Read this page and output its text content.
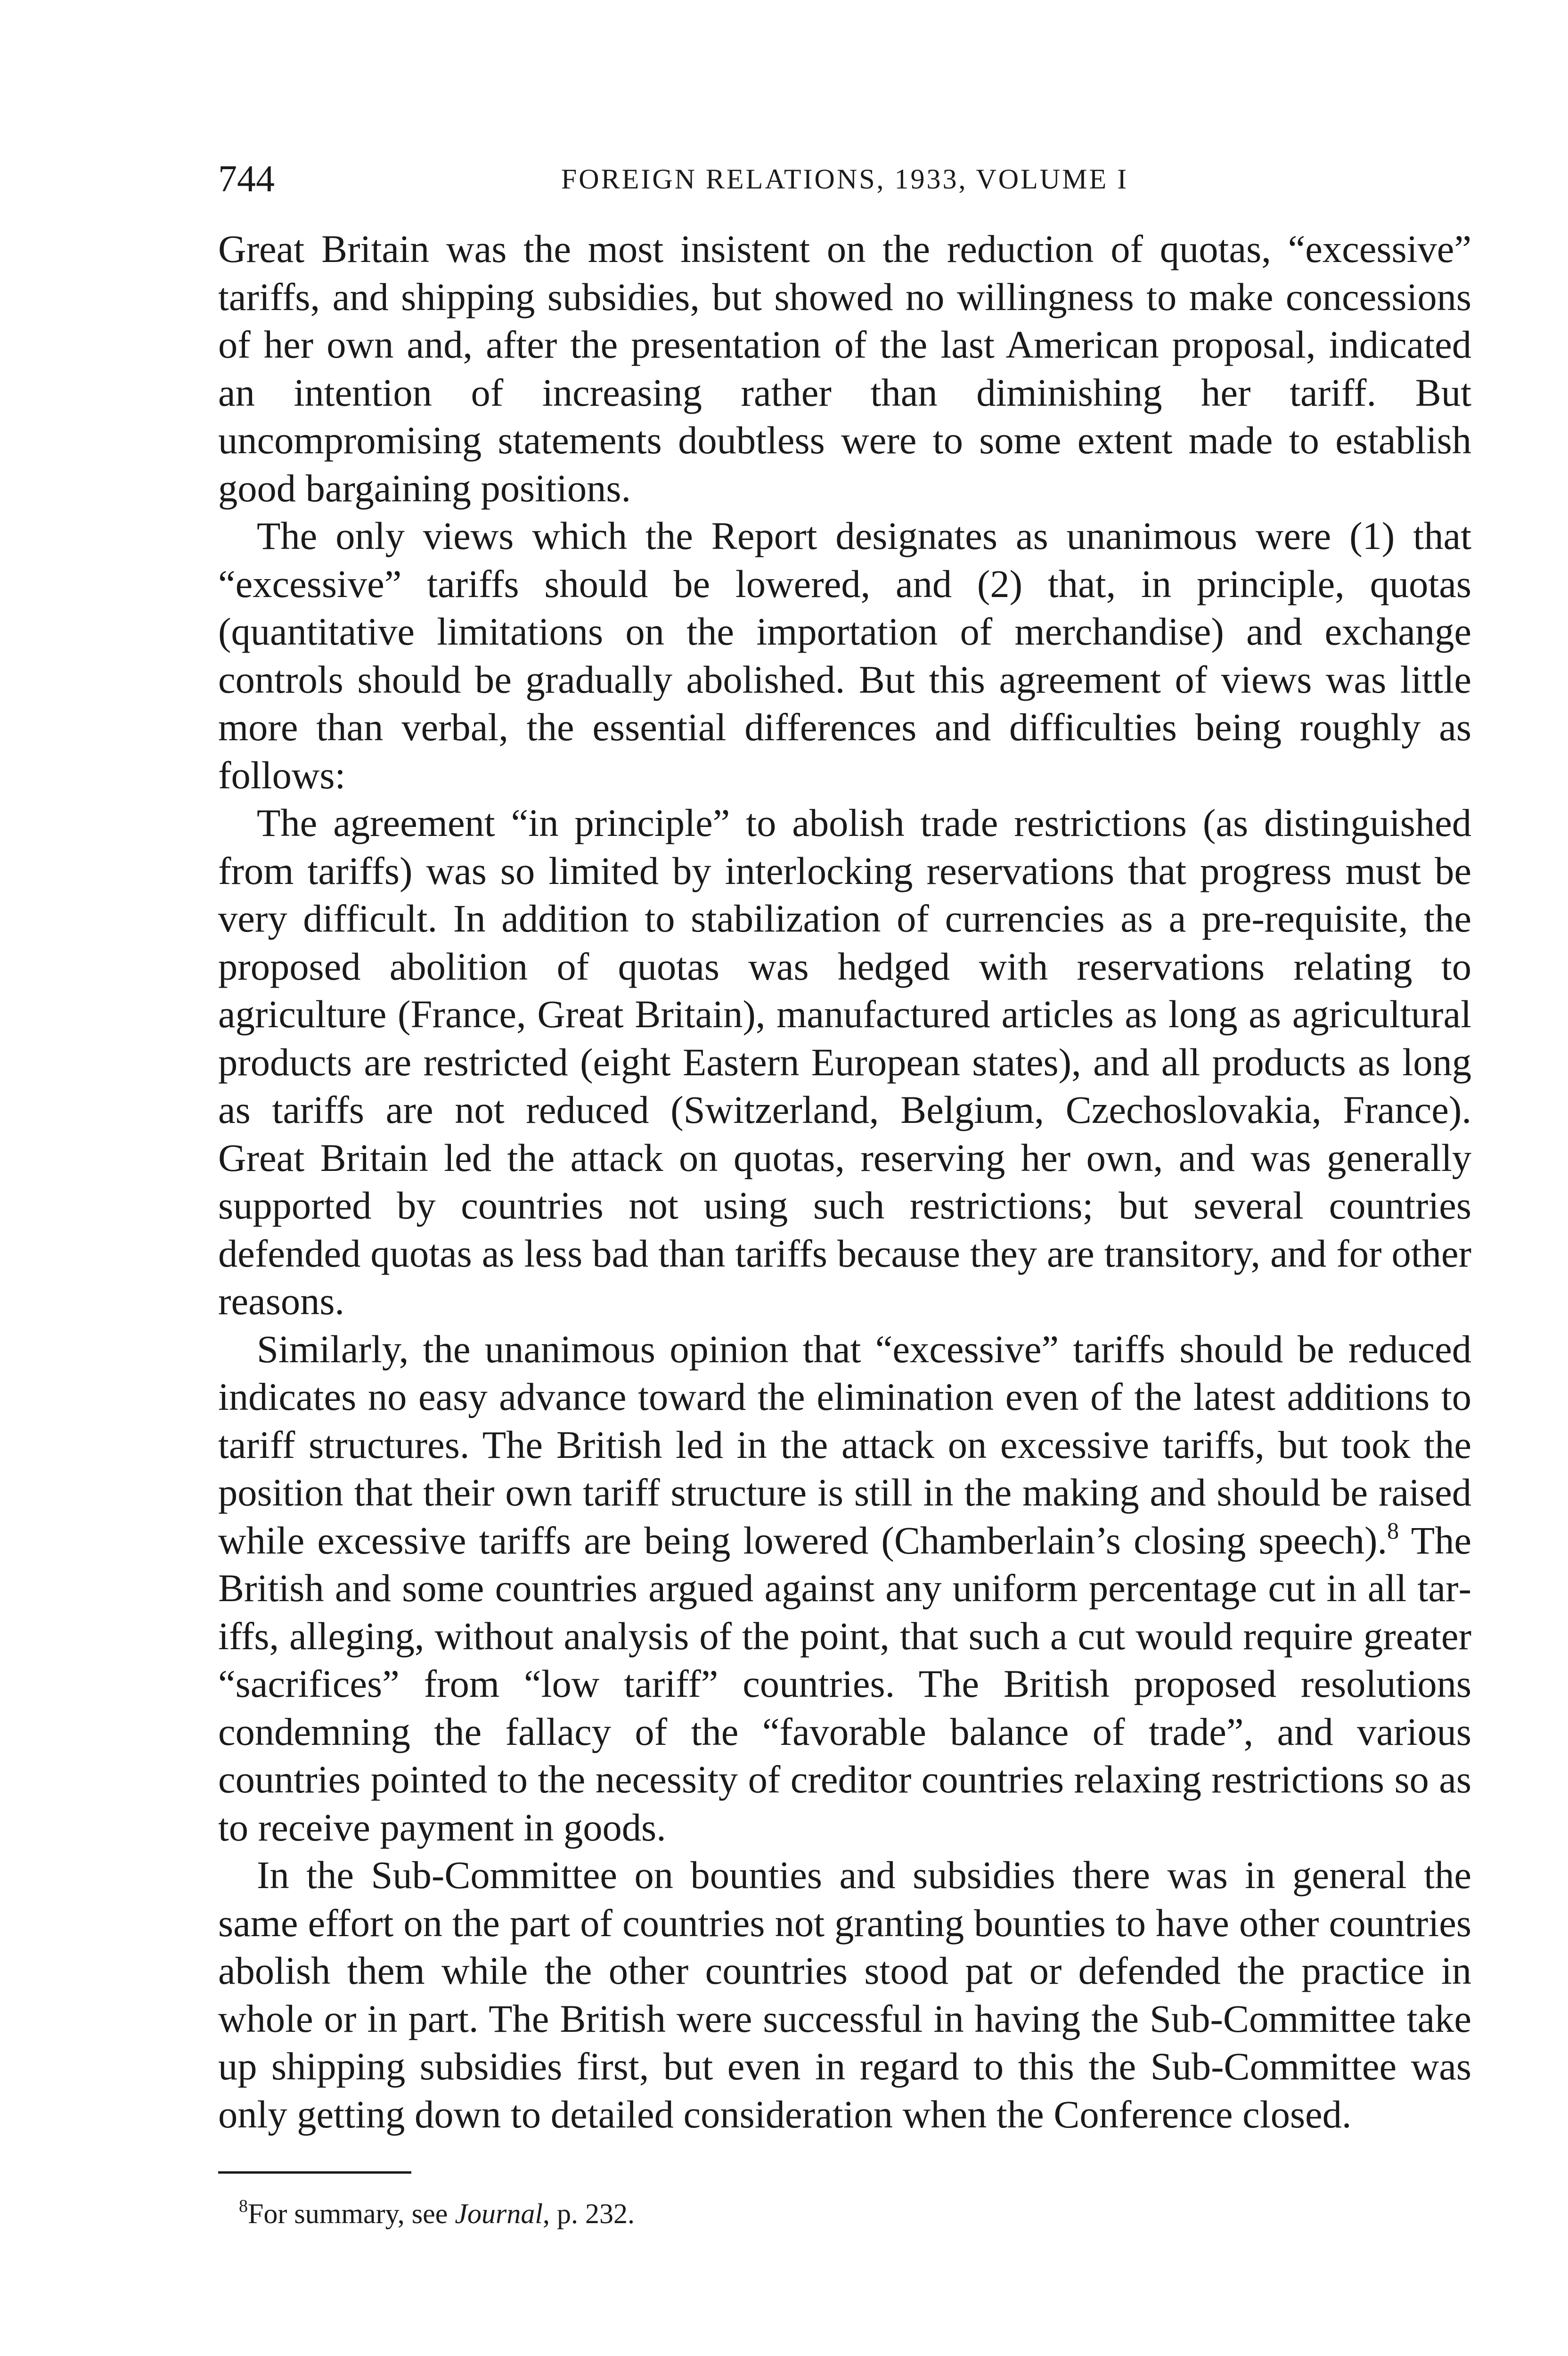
744	FOREIGN RELATIONS, 1933, VOLUME I

Great Britain was the most insistent on the reduction of quotas, “excessive” tariffs, and shipping subsidies, but showed no willingness to make concessions of her own and, after the presentation of the last American proposal, indicated an intention of increasing rather than diminishing her tariff. But uncompromising statements doubtless were to some extent made to establish good bargaining positions.

The only views which the Report designates as unanimous were (1) that “excessive” tariffs should be lowered, and (2) that, in principle, quotas (quantitative limitations on the importation of merchandise) and exchange controls should be gradually abolished. But this agreement of views was little more than verbal, the essential differences and difficulties being roughly as follows:

The agreement “in principle” to abolish trade restrictions (as distinguished from tariffs) was so limited by interlocking reservations that progress must be very difficult. In addition to stabilization of currencies as a pre-requisite, the proposed abolition of quotas was hedged with reservations relating to agriculture (France, Great Britain), manufactured articles as long as agricultural products are restricted (eight Eastern European states), and all products as long as tariffs are not reduced (Switzerland, Belgium, Czechoslovakia, France). Great Britain led the attack on quotas, reserving her own, and was generally supported by countries not using such restrictions; but several countries defended quotas as less bad than tariffs because they are transitory, and for other reasons.

Similarly, the unanimous opinion that “excessive” tariffs should be reduced indicates no easy advance toward the elimination even of the latest additions to tariff structures. The British led in the attack on excessive tariffs, but took the position that their own tariff structure is still in the making and should be raised while excessive tariffs are being lowered (Chamberlain’s closing speech).$^8$ The British and some countries argued against any uniform percentage cut in all tariffs, alleging, without analysis of the point, that such a cut would require greater “sacrifices” from “low tariff” countries. The British proposed resolutions condemning the fallacy of the “favorable balance of trade”, and various countries pointed to the necessity of creditor countries relaxing restrictions so as to receive payment in goods.

In the Sub-Committee on bounties and subsidies there was in general the same effort on the part of countries not granting bounties to have other countries abolish them while the other countries stood pat or defended the practice in whole or in part. The British were successful in having the Sub-Committee take up shipping subsidies first, but even in regard to this the Sub-Committee was only getting down to detailed consideration when the Conference closed.

$^8$For summary, see Journal, p. 232.
